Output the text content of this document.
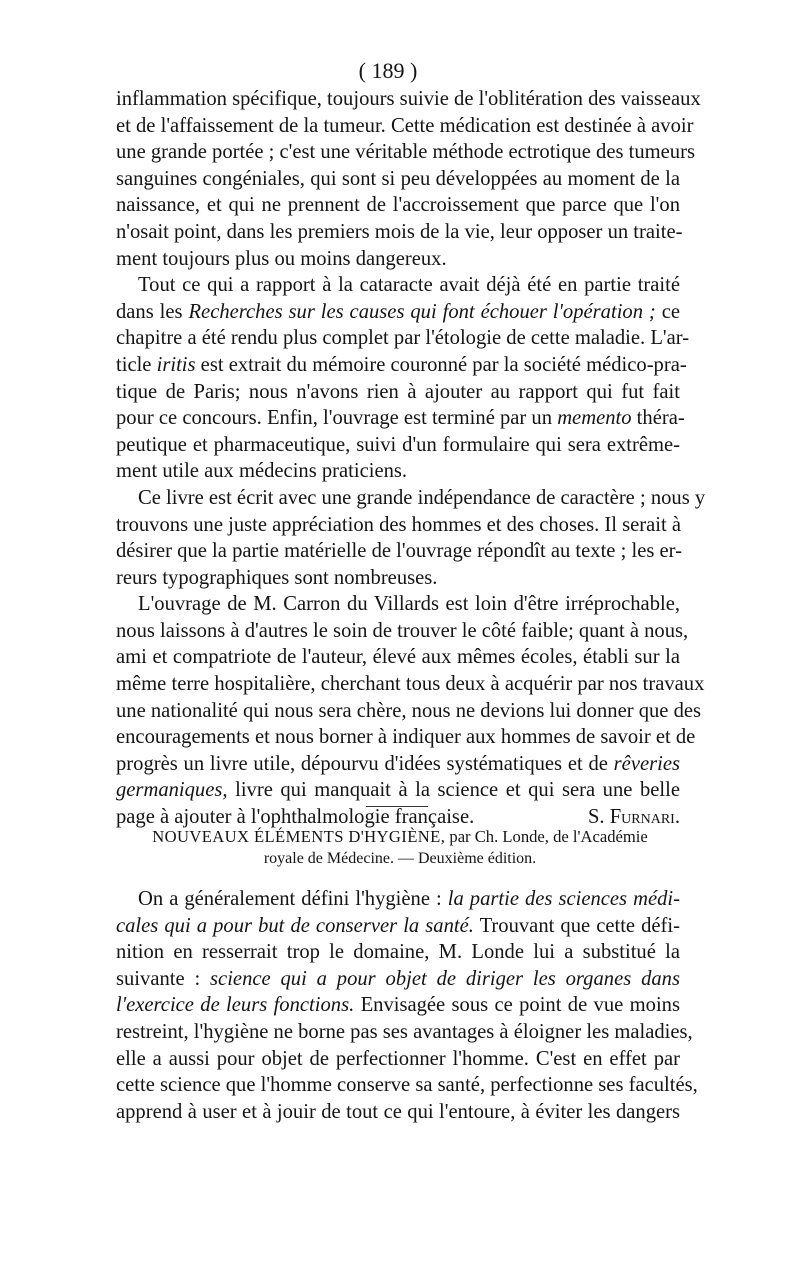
( 189 )
inflammation spécifique, toujours suivie de l'oblitération des vaisseaux
et de l'affaissement de la tumeur. Cette médication est destinée à avoir
une grande portée ; c'est une véritable méthode ectrotique des tumeurs
sanguines congéniales, qui sont si peu développées au moment de la
naissance, et qui ne prennent de l'accroissement que parce que l'on
n'osait point, dans les premiers mois de la vie, leur opposer un traite-
ment toujours plus ou moins dangereux.
Tout ce qui a rapport à la cataracte avait déjà été en partie traité
dans les Recherches sur les causes qui font échouer l'opération ; ce
chapitre a été rendu plus complet par l'étologie de cette maladie. L'ar-
ticle iritis est extrait du mémoire couronné par la société médico-pra-
tique de Paris; nous n'avons rien à ajouter au rapport qui fut fait
pour ce concours. Enfin, l'ouvrage est terminé par un memento théra-
peutique et pharmaceutique, suivi d'un formulaire qui sera extrême-
ment utile aux médecins praticiens.
Ce livre est écrit avec une grande indépendance de caractère ; nous y
trouvons une juste appréciation des hommes et des choses. Il serait à
désirer que la partie matérielle de l'ouvrage répondît au texte ; les er-
reurs typographiques sont nombreuses.
L'ouvrage de M. Carron du Villards est loin d'être irréprochable,
nous laissons à d'autres le soin de trouver le côté faible; quant à nous,
ami et compatriote de l'auteur, élevé aux mêmes écoles, établi sur la
même terre hospitalière, cherchant tous deux à acquérir par nos travaux
une nationalité qui nous sera chère, nous ne devions lui donner que des
encouragements et nous borner à indiquer aux hommes de savoir et de
progrès un livre utile, dépourvu d'idées systématiques et de rêveries
germaniques, livre qui manquait à la science et qui sera une belle
page à ajouter à l'ophthalmologie française.	S. Furnari.
NOUVEAUX ÉLÉMENTS D'HYGIÈNE, par Ch. Londe, de l'Académie
royale de Médecine. — Deuxième édition.
On a généralement défini l'hygiène : la partie des sciences médi-
cales qui a pour but de conserver la santé. Trouvant que cette défi-
nition en resserrait trop le domaine, M. Londe lui a substitué la
suivante : science qui a pour objet de diriger les organes dans
l'exercice de leurs fonctions. Envisagée sous ce point de vue moins
restreint, l'hygiène ne borne pas ses avantages à éloigner les maladies,
elle a aussi pour objet de perfectionner l'homme. C'est en effet par
cette science que l'homme conserve sa santé, perfectionne ses facultés,
apprend à user et à jouir de tout ce qui l'entoure, à éviter les dangers
